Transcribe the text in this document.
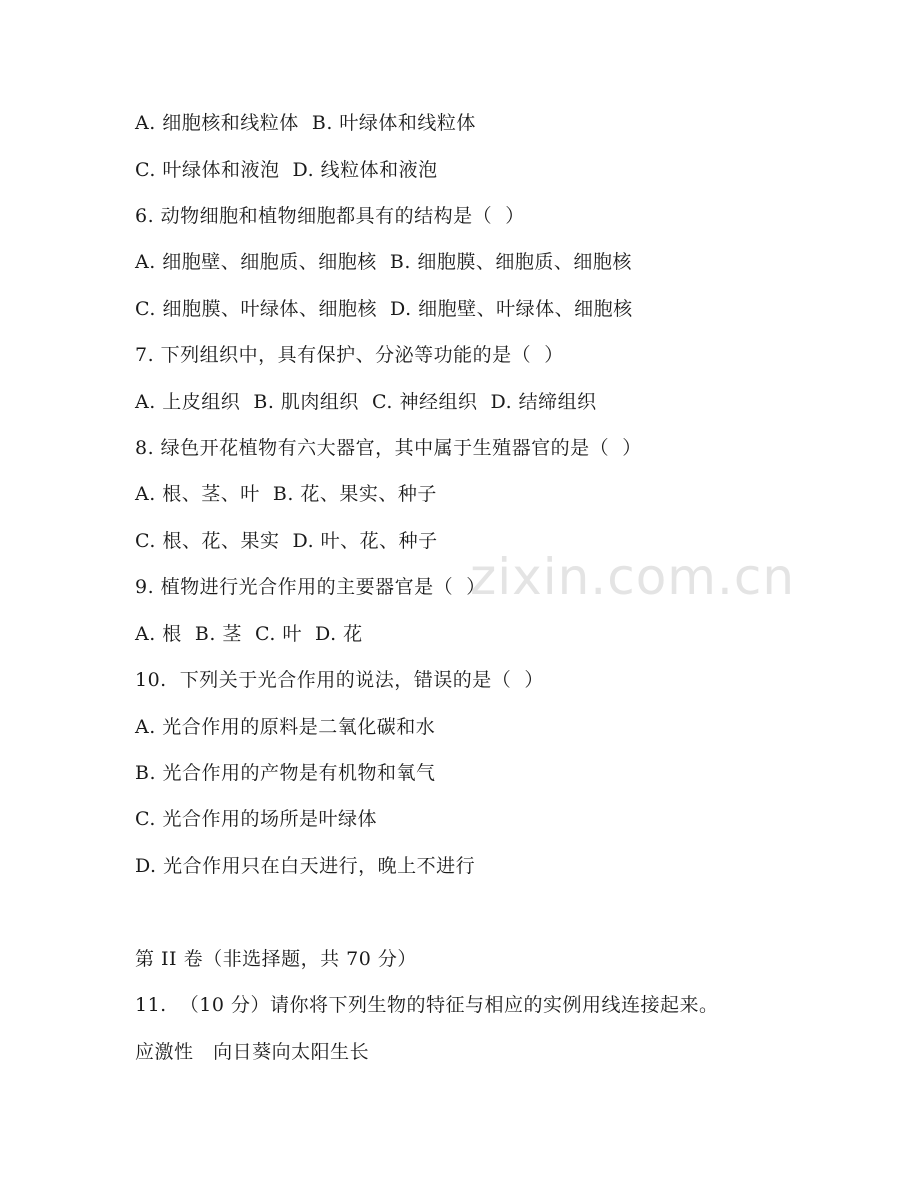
zixin.com.cn
A. 细胞核和线粒体  B. 叶绿体和线粒体
C. 叶绿体和液泡  D. 线粒体和液泡
6. 动物细胞和植物细胞都具有的结构是（  ）
A. 细胞壁、细胞质、细胞核  B. 细胞膜、细胞质、细胞核
C. 细胞膜、叶绿体、细胞核  D. 细胞壁、叶绿体、细胞核
7. 下列组织中，具有保护、分泌等功能的是（  ）
A. 上皮组织  B. 肌肉组织  C. 神经组织  D. 结缔组织
8. 绿色开花植物有六大器官，其中属于生殖器官的是（  ）
A. 根、茎、叶  B. 花、果实、种子
C. 根、花、果实  D. 叶、花、种子
9. 植物进行光合作用的主要器官是（  ）
A. 根  B. 茎  C. 叶  D. 花
10.  下列关于光合作用的说法，错误的是（  ）
A. 光合作用的原料是二氧化碳和水
B. 光合作用的产物是有机物和氧气
C. 光合作用的场所是叶绿体
D. 光合作用只在白天进行，晚上不进行
第 II 卷（非选择题，共 70 分）
11.  （10 分）请你将下列生物的特征与相应的实例用线连接起来。
应激性   向日葵向太阳生长
